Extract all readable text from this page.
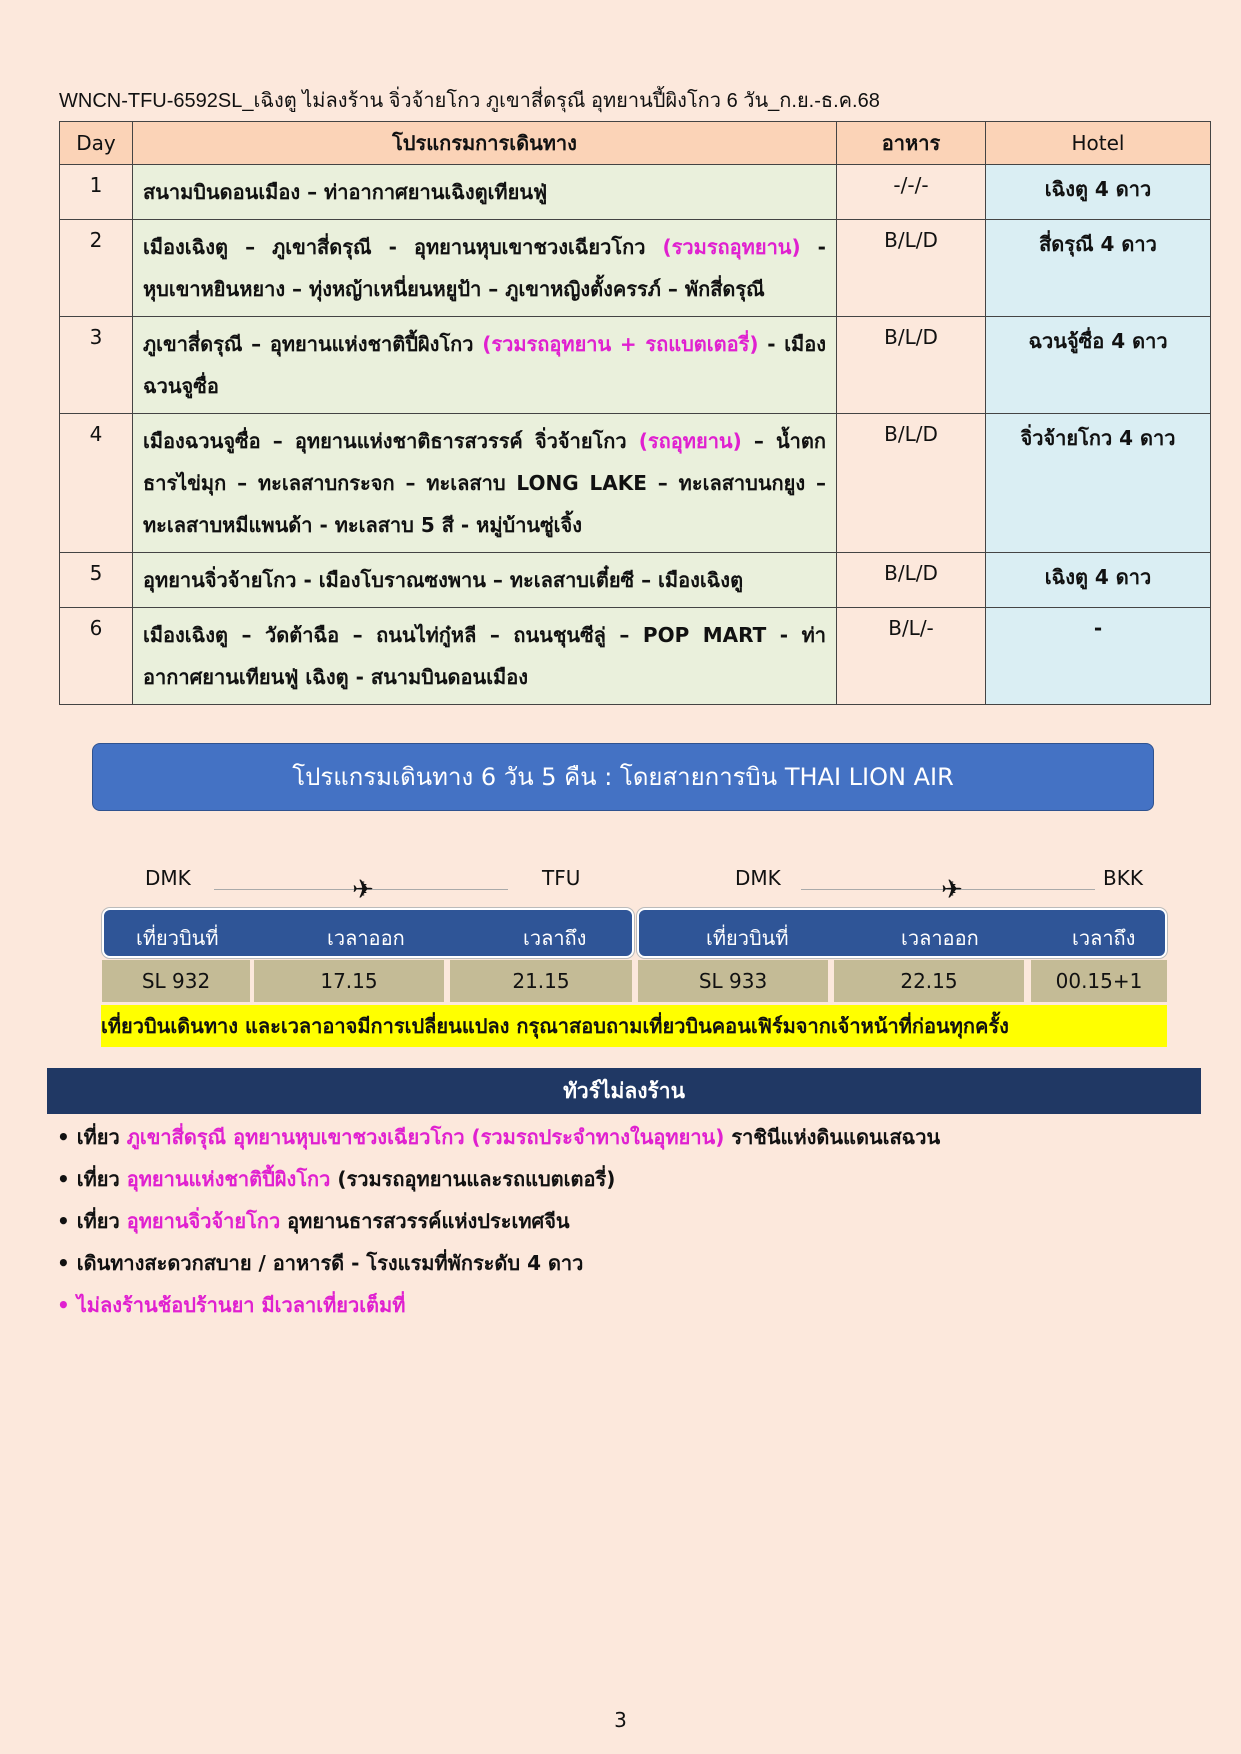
WNCN-TFU-6592SL_เฉิงตู ไม่ลงร้าน จิ่วจ้ายโกว ภูเขาสี่ดรุณี อุทยานปี้ผิงโกว 6 วัน_ก.ย.-ธ.ค.68
Day	โปรแกรมการเดินทาง	อาหาร	Hotel
1	สนามบินดอนเมือง – ท่าอากาศยานเฉิงตูเทียนฟู่	-/-/-	เฉิงตู 4 ดาว
2	เมืองเฉิงตู – ภูเขาสี่ดรุณี - อุทยานหุบเขาชวงเฉียวโกว (รวมรถอุทยาน) - หุบเขาหยินหยาง – ทุ่งหญ้าเหนี่ยนหยูป้า – ภูเขาหญิงตั้งครรภ์ – พักสี่ดรุณี	B/L/D	สี่ดรุณี 4 ดาว
3	ภูเขาสี่ดรุณี – อุทยานแห่งชาติปี้ผิงโกว (รวมรถอุทยาน + รถแบตเตอรี่) - เมืองฉวนจูซื่อ	B/L/D	ฉวนจู้ซื่อ 4 ดาว
4	เมืองฉวนจูซื่อ – อุทยานแห่งชาติธารสวรรค์ จิ่วจ้ายโกว (รถอุทยาน) – น้ำตกธารไข่มุก – ทะเลสาบกระจก – ทะเลสาบ LONG LAKE – ทะเลสาบนกยูง – ทะเลสาบหมีแพนด้า - ทะเลสาบ 5 สี - หมู่บ้านซู่เจิ้ง	B/L/D	จิ่วจ้ายโกว 4 ดาว
5	อุทยานจิ่วจ้ายโกว - เมืองโบราณซงพาน – ทะเลสาบเตี๋ยซี – เมืองเฉิงตู	B/L/D	เฉิงตู 4 ดาว
6	เมืองเฉิงตู – วัดต้าฉือ – ถนนไท่กู๋หลี – ถนนชุนซีลู่ – POP MART - ท่าอากาศยานเทียนฟู่ เฉิงตู - สนามบินดอนเมือง	B/L/-	-
โปรแกรมเดินทาง 6 วัน 5 คืน : โดยสายการบิน THAI LION AIR
DMK	✈	TFU	DMK	✈	BKK
เที่ยวบินที่	เวลาออก	เวลาถึง	เที่ยวบินที่	เวลาออก	เวลาถึง
SL 932	17.15	21.15	SL 933	22.15	00.15+1
เที่ยวบินเดินทาง และเวลาอาจมีการเปลี่ยนแปลง กรุณาสอบถามเที่ยวบินคอนเฟิร์มจากเจ้าหน้าที่ก่อนทุกครั้ง
ทัวร์ไม่ลงร้าน
• เที่ยว ภูเขาสี่ดรุณี อุทยานหุบเขาชวงเฉียวโกว (รวมรถประจำทางในอุทยาน) ราชินีแห่งดินแดนเสฉวน
• เที่ยว อุทยานแห่งชาติปี้ผิงโกว (รวมรถอุทยานและรถแบตเตอรี่)
• เที่ยว อุทยานจิ่วจ้ายโกว อุทยานธารสวรรค์แห่งประเทศจีน
• เดินทางสะดวกสบาย / อาหารดี - โรงแรมที่พักระดับ 4 ดาว
• ไม่ลงร้านช้อปร้านยา มีเวลาเที่ยวเต็มที่
3
